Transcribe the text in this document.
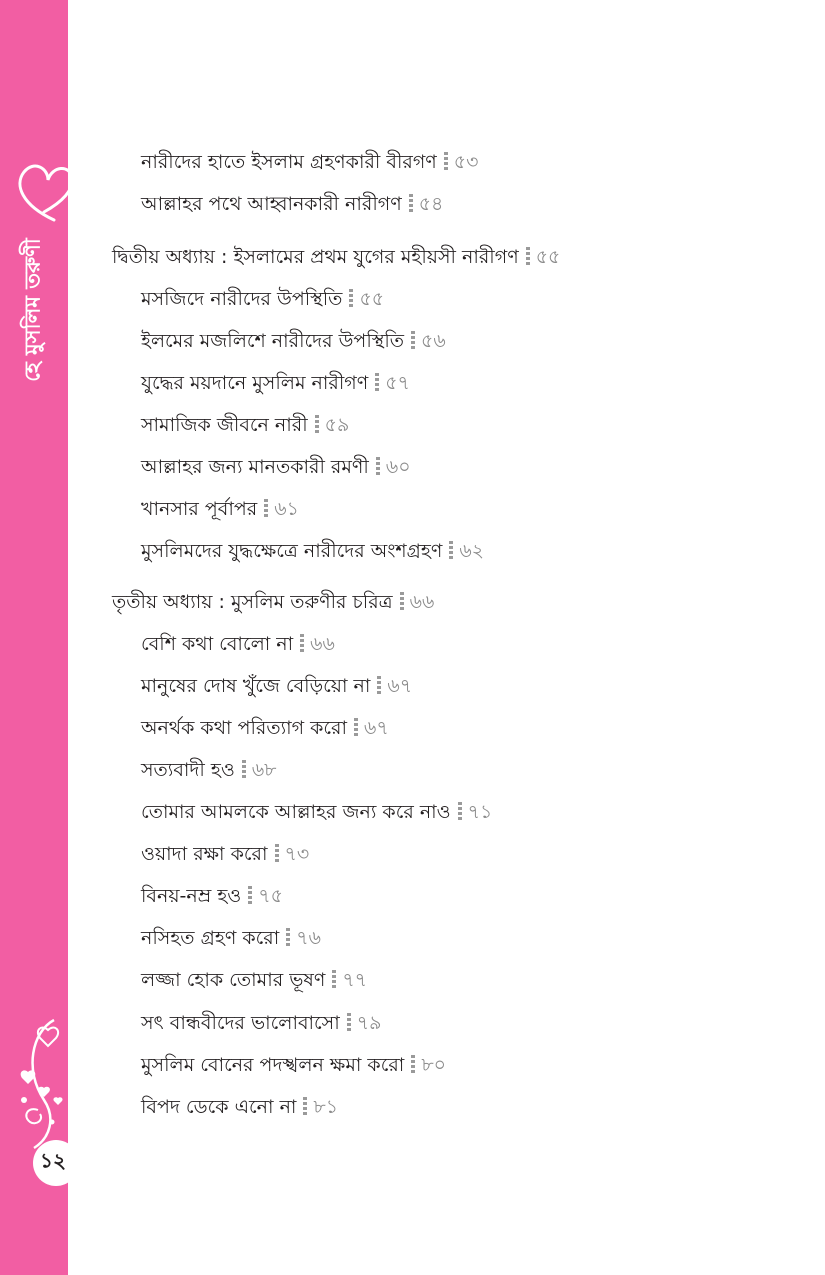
হে মুসলিম তরুণী
১২
নারীদের হাতে ইসলাম গ্রহণকারী বীরগণ ৫৩
আল্লাহর পথে আহ্বানকারী নারীগণ ৫৪
দ্বিতীয় অধ্যায় : ইসলামের প্রথম যুগের মহীয়সী নারীগণ ৫৫
মসজিদে নারীদের উপস্থিতি ৫৫
ইলমের মজলিশে নারীদের উপস্থিতি ৫৬
যুদ্ধের ময়দানে মুসলিম নারীগণ ৫৭
সামাজিক জীবনে নারী ৫৯
আল্লাহর জন্য মানতকারী রমণী ৬০
খানসার পূর্বাপর ৬১
মুসলিমদের যুদ্ধক্ষেত্রে নারীদের অংশগ্রহণ ৬২
তৃতীয় অধ্যায় : মুসলিম তরুণীর চরিত্র ৬৬
বেশি কথা বোলো না ৬৬
মানুষের দোষ খুঁজে বেড়িয়ো না ৬৭
অনর্থক কথা পরিত্যাগ করো ৬৭
সত্যবাদী হও ৬৮
তোমার আমলকে আল্লাহর জন্য করে নাও ৭১
ওয়াদা রক্ষা করো ৭৩
বিনয়-নম্র হও ৭৫
নসিহত গ্রহণ করো ৭৬
লজ্জা হোক তোমার ভূষণ ৭৭
সৎ বান্ধবীদের ভালোবাসো ৭৯
মুসলিম বোনের পদস্খলন ক্ষমা করো ৮০
বিপদ ডেকে এনো না ৮১
